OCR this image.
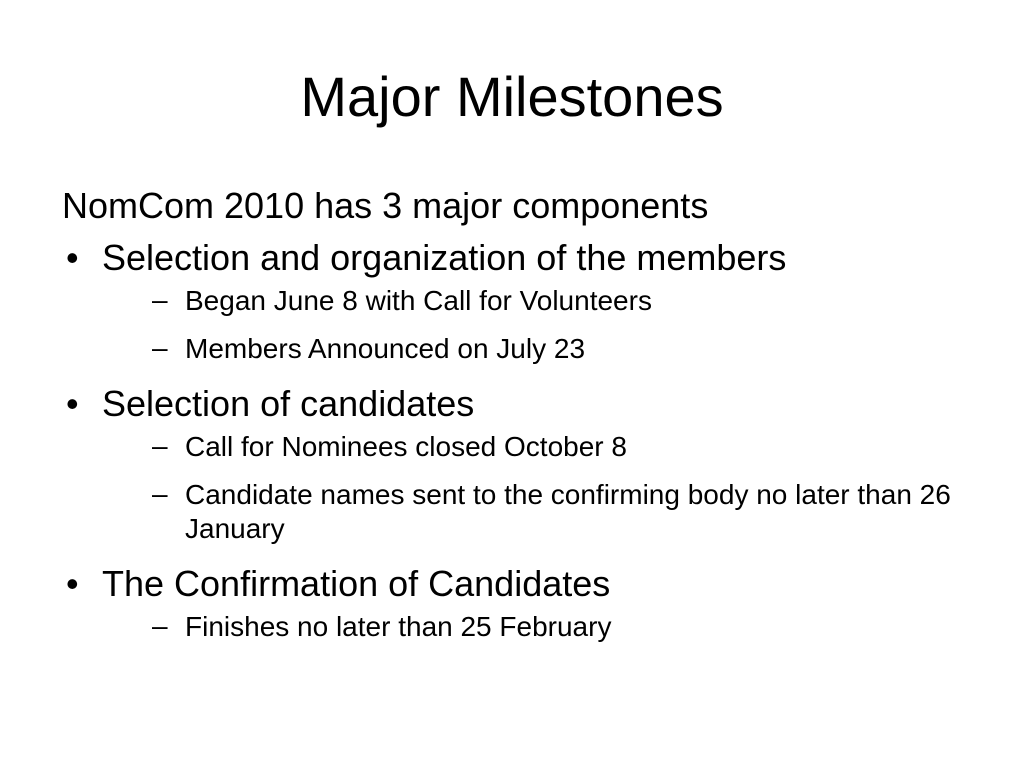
Major Milestones

NomCom 2010 has 3 major components

• Selection and organization of the members
– Began June 8 with Call for Volunteers
– Members Announced on July 23
• Selection of candidates
– Call for Nominees closed October 8
– Candidate names sent to the confirming body no later than 26 January
• The Confirmation of Candidates
– Finishes no later than 25 February
